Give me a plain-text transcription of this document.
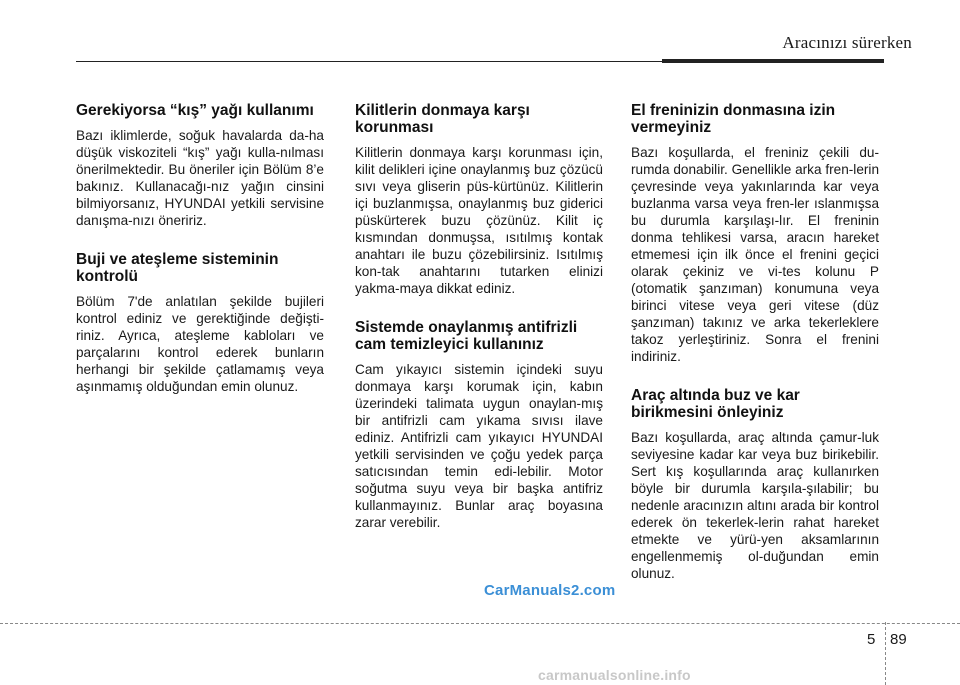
Aracınızı sürerken
Gerekiyorsa “kış” yağı kullanımı

Bazı iklimlerde, soğuk havalarda da-ha düşük viskoziteli “kış” yağı kulla-nılması önerilmektedir. Bu öneriler için Bölüm 8’e bakınız. Kullanacağı-nız yağın cinsini bilmiyorsanız, HYUNDAI yetkili servisine danışma-nızı öneririz.

Buji ve ateşleme sisteminin kontrolü

Bölüm 7'de anlatılan şekilde bujileri kontrol ediniz ve gerektiğinde değişti-riniz. Ayrıca, ateşleme kabloları ve parçalarını kontrol ederek bunların herhangi bir şekilde çatlamamış veya aşınmamış olduğundan emin olunuz.

Kilitlerin donmaya karşı korunması

Kilitlerin donmaya karşı korunması için, kilit delikleri içine onaylanmış buz çözücü sıvı veya gliserin püs-kürtünüz. Kilitlerin içi buzlanmışsa, onaylanmış buz giderici püskürterek buzu çözünüz. Kilit iç kısmından donmuşsa, ısıtılmış kontak anahtarı ile buzu çözebilirsiniz. Isıtılmış kon-tak anahtarını tutarken elinizi yakma-maya dikkat ediniz.

Sistemde onaylanmış antifrizli cam temizleyici kullanınız

Cam yıkayıcı sistemin içindeki suyu donmaya karşı korumak için, kabın üzerindeki talimata uygun onaylan-mış bir antifrizli cam yıkama sıvısı ilave ediniz. Antifrizli cam yıkayıcı HYUNDAI yetkili servisinden ve çoğu yedek parça satıcısından temin edi-lebilir. Motor soğutma suyu veya bir başka antifriz kullanmayınız. Bunlar araç boyasına zarar verebilir.

El freninizin donmasına izin vermeyiniz

Bazı koşullarda, el freniniz çekili du-rumda donabilir. Genellikle arka fren-lerin çevresinde veya yakınlarında kar veya buzlanma varsa veya fren-ler ıslanmışsa bu durumla karşılaşı-lır. El freninin donma tehlikesi varsa, aracın hareket etmemesi için ilk önce el frenini geçici olarak çekiniz ve vi-tes kolunu P (otomatik şanzıman) konumuna veya birinci vitese veya geri vitese (düz şanzıman) takınız ve arka tekerleklere takoz yerleştiriniz. Sonra el frenini indiriniz.

Araç altında buz ve kar birikmesini önleyiniz

Bazı koşullarda, araç altında çamur-luk seviyesine kadar kar veya buz birikebilir. Sert kış koşullarında araç kullanırken böyle bir durumla karşıla-şılabilir; bu nedenle aracınızın altını arada bir kontrol ederek ön tekerlek-lerin rahat hareket etmekte ve yürü-yen aksamlarının engellenmemiş ol-duğundan emin olunuz.

CarManuals2.com
5 89
carmanualsonline.info
